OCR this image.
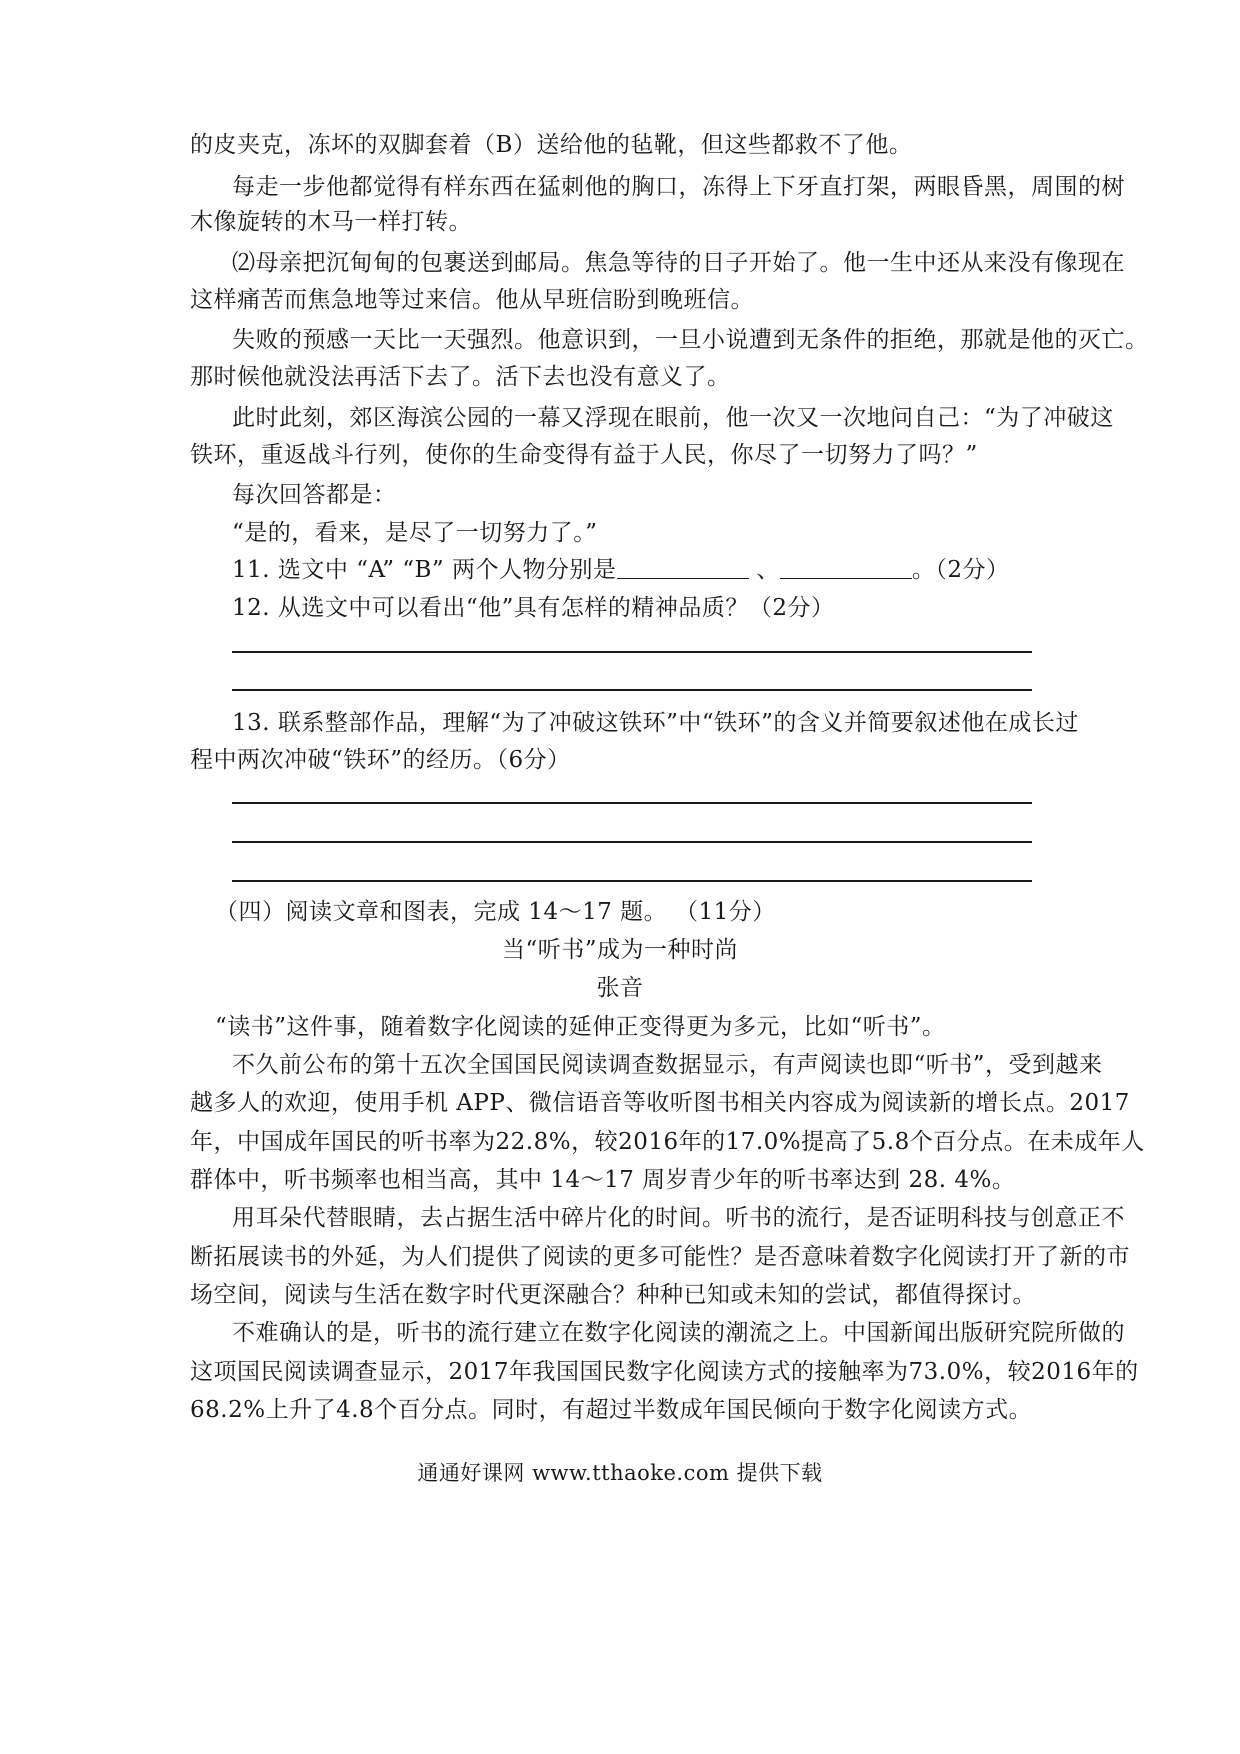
的皮夹克，冻坏的双脚套着（B）送给他的毡靴，但这些都救不了他。
每走一步他都觉得有样东西在猛刺他的胸口，冻得上下牙直打架，两眼昏黑，周围的树
木像旋转的木马一样打转。
⑵母亲把沉甸甸的包裹送到邮局。焦急等待的日子开始了。他一生中还从来没有像现在
这样痛苦而焦急地等过来信。他从早班信盼到晚班信。
失败的预感一天比一天强烈。他意识到，一旦小说遭到无条件的拒绝，那就是他的灭亡。
那时候他就没法再活下去了。活下去也没有意义了。
此时此刻，郊区海滨公园的一幕又浮现在眼前，他一次又一次地问自己：“为了冲破这
铁环，重返战斗行列，使你的生命变得有益于人民，你尽了一切努力了吗？”
每次回答都是：
“是的，看来，是尽了一切努力了。”
11. 选文中 “A” “B” 两个人物分别是	、	。（2分）
12. 从选文中可以看出“他”具有怎样的精神品质？（2分）
13. 联系整部作品，理解“为了冲破这铁环”中“铁环”的含义并简要叙述他在成长过
程中两次冲破“铁环”的经历。（6分）
（四）阅读文章和图表，完成 14～17 题。 （11分）
当“听书”成为一种时尚
张音
“读书”这件事，随着数字化阅读的延伸正变得更为多元，比如“听书”。
不久前公布的第十五次全国国民阅读调查数据显示，有声阅读也即“听书”，受到越来
越多人的欢迎，使用手机 APP、微信语音等收听图书相关内容成为阅读新的增长点。2017
年，中国成年国民的听书率为22.8%，较2016年的17.0%提高了5.8个百分点。在未成年人
群体中，听书频率也相当高，其中 14～17 周岁青少年的听书率达到 28. 4%。
用耳朵代替眼睛，去占据生活中碎片化的时间。听书的流行，是否证明科技与创意正不
断拓展读书的外延，为人们提供了阅读的更多可能性？是否意味着数字化阅读打开了新的市
场空间，阅读与生活在数字时代更深融合？种种已知或未知的尝试，都值得探讨。
不难确认的是，听书的流行建立在数字化阅读的潮流之上。中国新闻出版研究院所做的
这项国民阅读调查显示，2017年我国国民数字化阅读方式的接触率为73.0%，较2016年的
68.2%上升了4.8个百分点。同时，有超过半数成年国民倾向于数字化阅读方式。
通通好课网 www.tthaoke.com 提供下载
